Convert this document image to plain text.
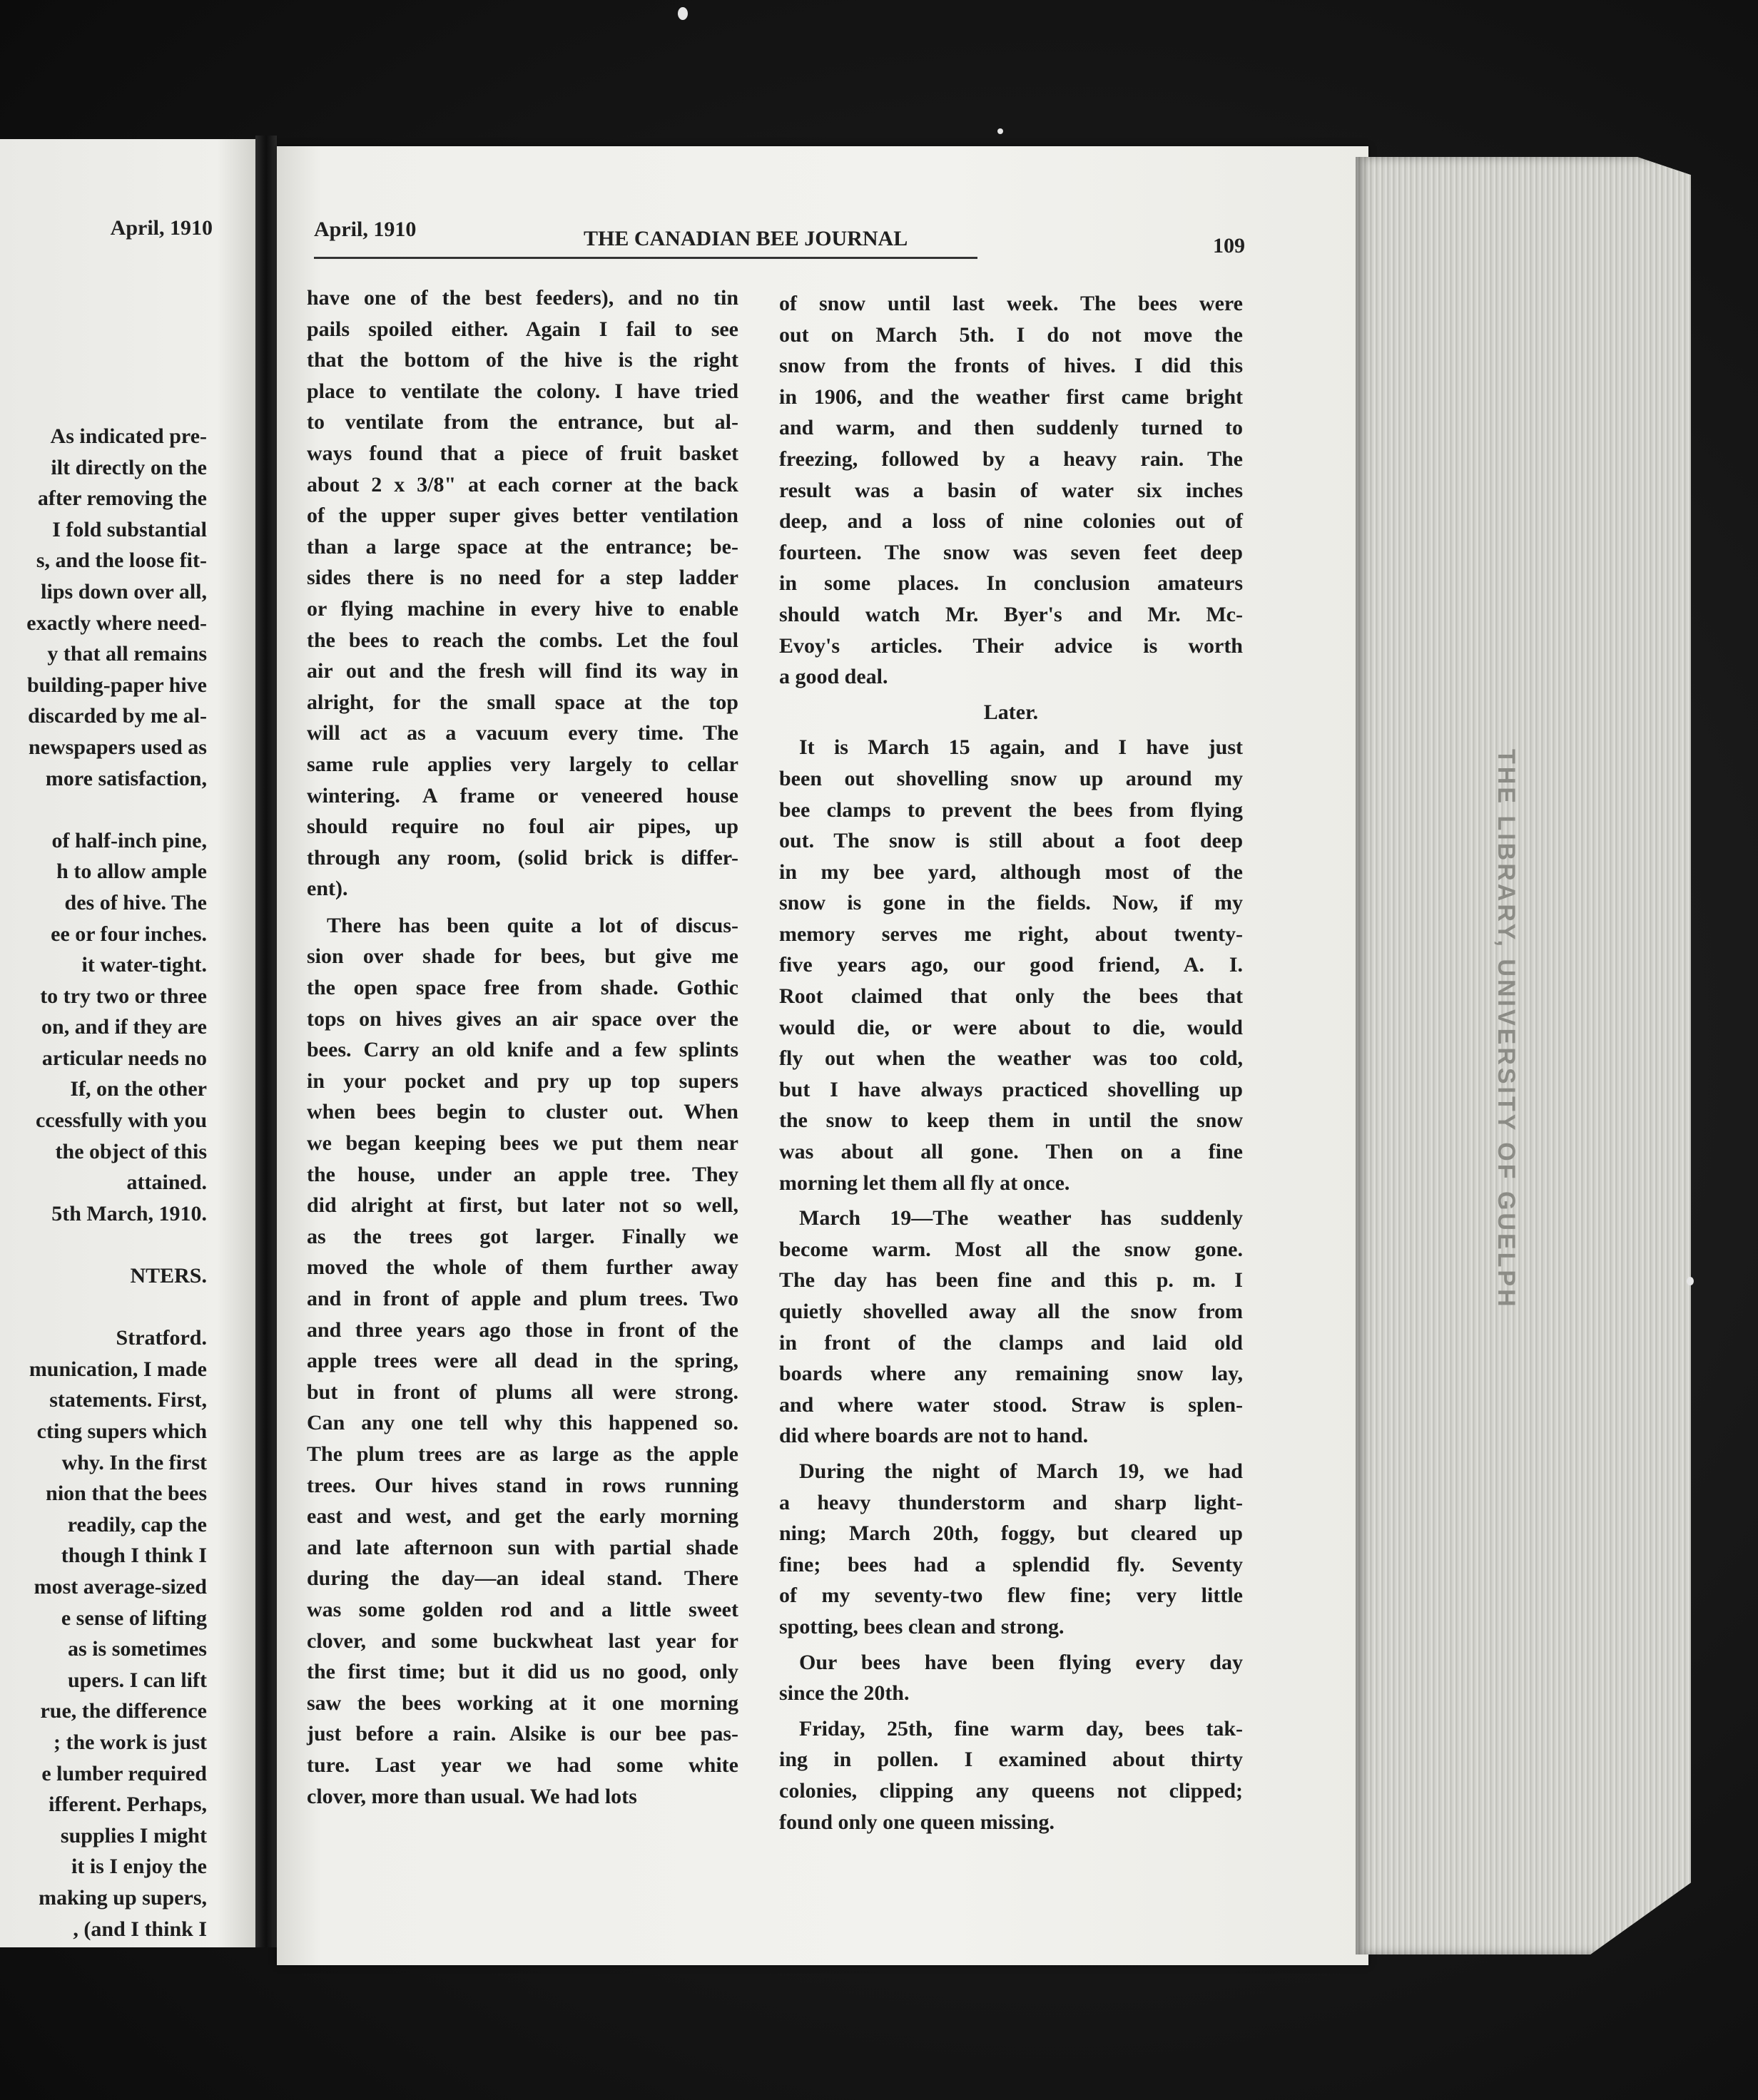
April, 1910
As indicated pre-
ilt directly on the
after removing the
I fold substantial
s, and the loose fit-
lips down over all,
exactly where need-
y that all remains
building-paper hive
discarded by me al-
newspapers used as
more satisfaction,

of half-inch pine,
h to allow ample
des of hive. The
ee or four inches.
it water-tight.
to try two or three
on, and if they are
articular needs no
If, on the other
ccessfully with you
the object of this
attained.
5th March, 1910.

NTERS.

Stratford.
munication, I made
statements. First,
cting supers which
why. In the first
nion that the bees
readily, cap the
though I think I
most average-sized
e sense of lifting
as is sometimes
upers. I can lift
rue, the difference
; the work is just
e lumber required
ifferent. Perhaps,
supplies I might
it is I enjoy the
making up supers,
, (and I think I
THE LIBRARY, UNIVERSITY OF GUELPH
April, 1910	THE CANADIAN BEE JOURNAL	109
have one of the best feeders), and no tin
pails spoiled either. Again I fail to see
that the bottom of the hive is the right
place to ventilate the colony. I have tried
to ventilate from the entrance, but al-
ways found that a piece of fruit basket
about 2 x 3/8" at each corner at the back
of the upper super gives better ventilation
than a large space at the entrance; be-
sides there is no need for a step ladder
or flying machine in every hive to enable
the bees to reach the combs. Let the foul
air out and the fresh will find its way in
alright, for the small space at the top
will act as a vacuum every time. The
same rule applies very largely to cellar
wintering. A frame or veneered house
should require no foul air pipes, up
through any room, (solid brick is differ-
ent).
There has been quite a lot of discus-
sion over shade for bees, but give me
the open space free from shade. Gothic
tops on hives gives an air space over the
bees. Carry an old knife and a few splints
in your pocket and pry up top supers
when bees begin to cluster out. When
we began keeping bees we put them near
the house, under an apple tree. They
did alright at first, but later not so well,
as the trees got larger. Finally we
moved the whole of them further away
and in front of apple and plum trees. Two
and three years ago those in front of the
apple trees were all dead in the spring,
but in front of plums all were strong.
Can any one tell why this happened so.
The plum trees are as large as the apple
trees. Our hives stand in rows running
east and west, and get the early morning
and late afternoon sun with partial shade
during the day—an ideal stand. There
was some golden rod and a little sweet
clover, and some buckwheat last year for
the first time; but it did us no good, only
saw the bees working at it one morning
just before a rain. Alsike is our bee pas-
ture. Last year we had some white
clover, more than usual. We had lots
of snow until last week. The bees were
out on March 5th. I do not move the
snow from the fronts of hives. I did this
in 1906, and the weather first came bright
and warm, and then suddenly turned to
freezing, followed by a heavy rain. The
result was a basin of water six inches
deep, and a loss of nine colonies out of
fourteen. The snow was seven feet deep
in some places. In conclusion amateurs
should watch Mr. Byer's and Mr. Mc-
Evoy's articles. Their advice is worth
a good deal.
Later.
It is March 15 again, and I have just
been out shovelling snow up around my
bee clamps to prevent the bees from flying
out. The snow is still about a foot deep
in my bee yard, although most of the
snow is gone in the fields. Now, if my
memory serves me right, about twenty-
five years ago, our good friend, A. I.
Root claimed that only the bees that
would die, or were about to die, would
fly out when the weather was too cold,
but I have always practiced shovelling up
the snow to keep them in until the snow
was about all gone. Then on a fine
morning let them all fly at once.
March 19—The weather has suddenly
become warm. Most all the snow gone.
The day has been fine and this p. m. I
quietly shovelled away all the snow from
in front of the clamps and laid old
boards where any remaining snow lay,
and where water stood. Straw is splen-
did where boards are not to hand.
During the night of March 19, we had
a heavy thunderstorm and sharp light-
ning; March 20th, foggy, but cleared up
fine; bees had a splendid fly. Seventy
of my seventy-two flew fine; very little
spotting, bees clean and strong.
Our bees have been flying every day
since the 20th.
Friday, 25th, fine warm day, bees tak-
ing in pollen. I examined about thirty
colonies, clipping any queens not clipped;
found only one queen missing.
